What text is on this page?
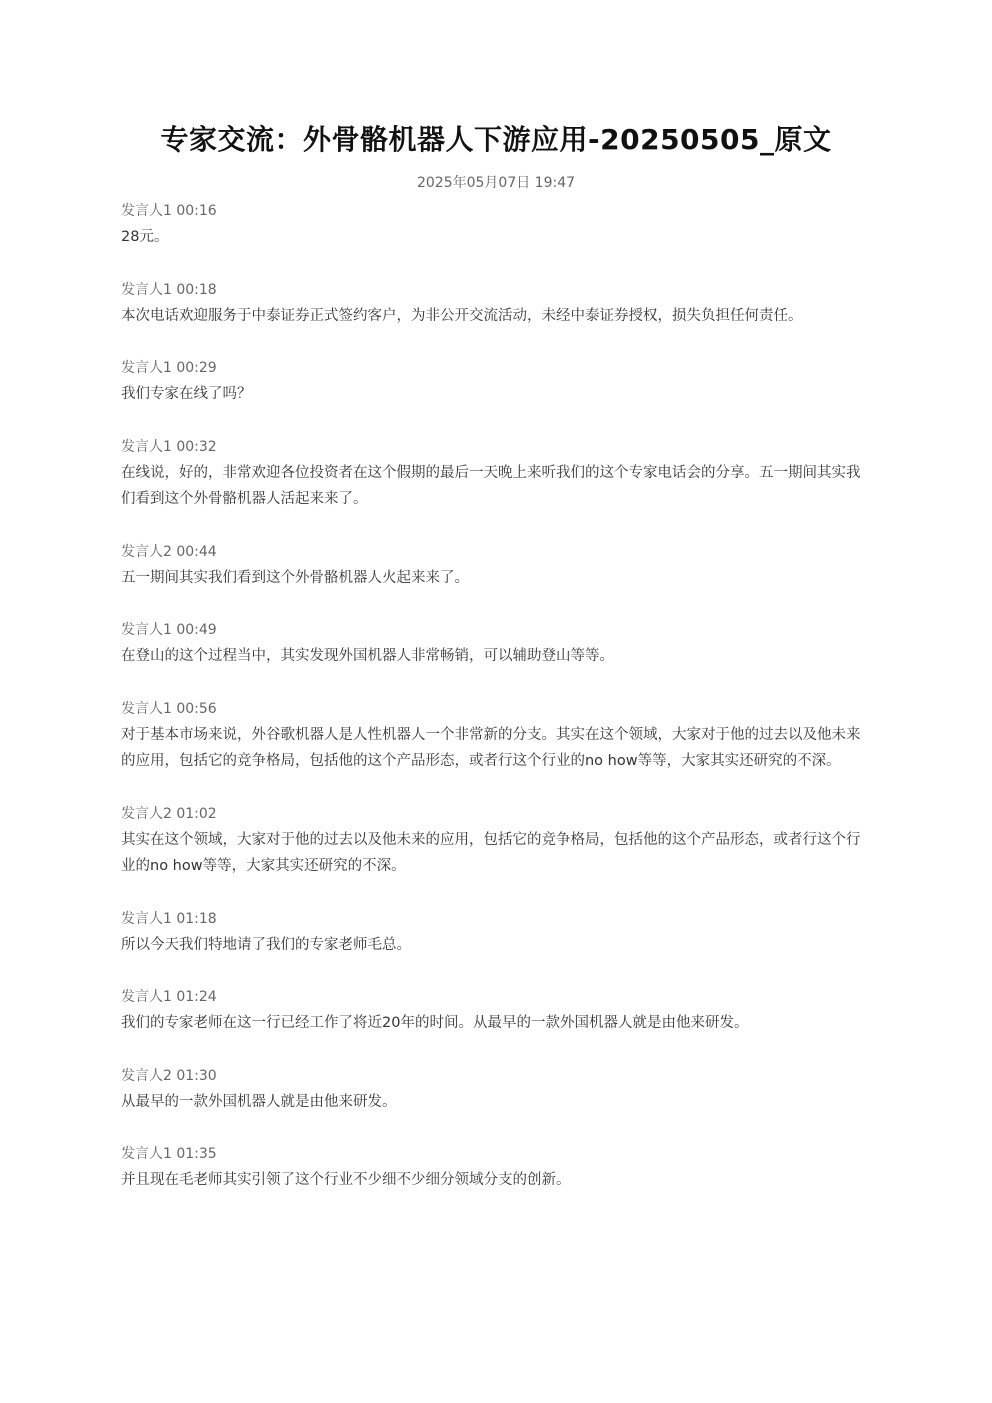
专家交流：外骨骼机器人下游应用-20250505_原文
2025年05月07日 19:47
发言人1 00:16
28元。
发言人1 00:18
本次电话欢迎服务于中泰证券正式签约客户，为非公开交流活动，未经中泰证券授权，损失负担任何责任。
发言人1 00:29
我们专家在线了吗？
发言人1 00:32
在线说，好的，非常欢迎各位投资者在这个假期的最后一天晚上来听我们的这个专家电话会的分享。五一期间其实我们看到这个外骨骼机器人活起来来了。
发言人2 00:44
五一期间其实我们看到这个外骨骼机器人火起来来了。
发言人1 00:49
在登山的这个过程当中，其实发现外国机器人非常畅销，可以辅助登山等等。
发言人1 00:56
对于基本市场来说，外谷歌机器人是人性机器人一个非常新的分支。其实在这个领域，大家对于他的过去以及他未来的应用，包括它的竞争格局，包括他的这个产品形态，或者行这个行业的no how等等，大家其实还研究的不深。
发言人2 01:02
其实在这个领域，大家对于他的过去以及他未来的应用，包括它的竞争格局，包括他的这个产品形态，或者行这个行业的no how等等，大家其实还研究的不深。
发言人1 01:18
所以今天我们特地请了我们的专家老师毛总。
发言人1 01:24
我们的专家老师在这一行已经工作了将近20年的时间。从最早的一款外国机器人就是由他来研发。
发言人2 01:30
从最早的一款外国机器人就是由他来研发。
发言人1 01:35
并且现在毛老师其实引领了这个行业不少细不少细分领域分支的创新。
